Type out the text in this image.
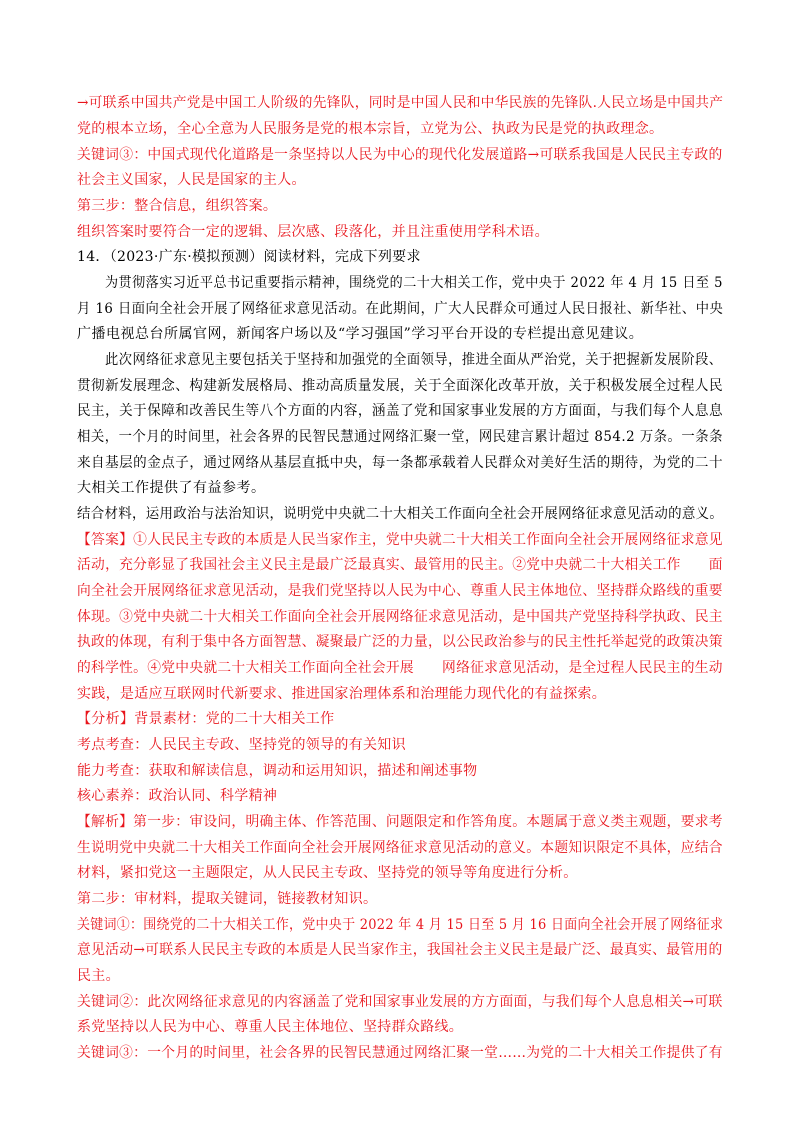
→可联系中国共产党是中国工人阶级的先锋队，同时是中国人民和中华民族的先锋队.人民立场是中国共产
党的根本立场，全心全意为人民服务是党的根本宗旨，立党为公、执政为民是党的执政理念。
关键词③：中国式现代化道路是一条坚持以人民为中心的现代化发展道路→可联系我国是人民民主专政的
社会主义国家，人民是国家的主人。
第三步：整合信息，组织答案。
组织答案时要符合一定的逻辑、层次感、段落化，并且注重使用学科术语。
14．（2023·广东·模拟预测）阅读材料，完成下列要求
为贯彻落实习近平总书记重要指示精神，围绕党的二十大相关工作，党中央于 2022 年 4 月 15 日至 5
月 16 日面向全社会开展了网络征求意见活动。在此期间，广大人民群众可通过人民日报社、新华社、中央
广播电视总台所属官网，新闻客户场以及“学习强国”学习平台开设的专栏提出意见建议。
此次网络征求意见主要包括关于坚持和加强党的全面领导，推进全面从严治党，关于把握新发展阶段、
贯彻新发展理念、构建新发展格局、推动高质量发展，关于全面深化改革开放，关于积极发展全过程人民
民主，关于保障和改善民生等八个方面的内容，涵盖了党和国家事业发展的方方面面，与我们每个人息息
相关，一个月的时间里，社会各界的民智民慧通过网络汇聚一堂，网民建言累计超过 854.2 万条。一条条
来自基层的金点子，通过网络从基层直抵中央，每一条都承载着人民群众对美好生活的期待，为党的二十
大相关工作提供了有益参考。
结合材料，运用政治与法治知识，说明党中央就二十大相关工作面向全社会开展网络征求意见活动的意义。
【答案】①人民民主专政的本质是人民当家作主，党中央就二十大相关工作面向全社会开展网络征求意见
活动，充分彰显了我国社会主义民主是最广泛最真实、最管用的民主。②党中央就二十大相关工作　　面
向全社会开展网络征求意见活动，是我们党坚持以人民为中心、尊重人民主体地位、坚持群众路线的重要
体现。③党中央就二十大相关工作面向全社会开展网络征求意见活动，是中国共产党坚持科学执政、民主
执政的体现，有利于集中各方面智慧、凝聚最广泛的力量，以公民政治参与的民主性托举起党的政策决策
的科学性。④党中央就二十大相关工作面向全社会开展　　网络征求意见活动，是全过程人民民主的生动
实践，是适应互联网时代新要求、推进国家治理体系和治理能力现代化的有益探索。
【分析】背景素材：党的二十大相关工作
考点考查：人民民主专政、坚持党的领导的有关知识
能力考查：获取和解读信息，调动和运用知识，描述和阐述事物
核心素养：政治认同、科学精神
【解析】第一步：审设问，明确主体、作答范围、问题限定和作答角度。本题属于意义类主观题，要求考
生说明党中央就二十大相关工作面向全社会开展网络征求意见活动的意义。本题知识限定不具体，应结合
材料，紧扣党这一主题限定，从人民民主专政、坚持党的领导等角度进行分析。
第二步：审材料，提取关键词，链接教材知识。
关键词①：围绕党的二十大相关工作，党中央于 2022 年 4 月 15 日至 5 月 16 日面向全社会开展了网络征求
意见活动→可联系人民民主专政的本质是人民当家作主，我国社会主义民主是最广泛、最真实、最管用的
民主。
关键词②：此次网络征求意见的内容涵盖了党和国家事业发展的方方面面，与我们每个人息息相关→可联
系党坚持以人民为中心、尊重人民主体地位、坚持群众路线。
关键词③：一个月的时间里，社会各界的民智民慧通过网络汇聚一堂……为党的二十大相关工作提供了有
